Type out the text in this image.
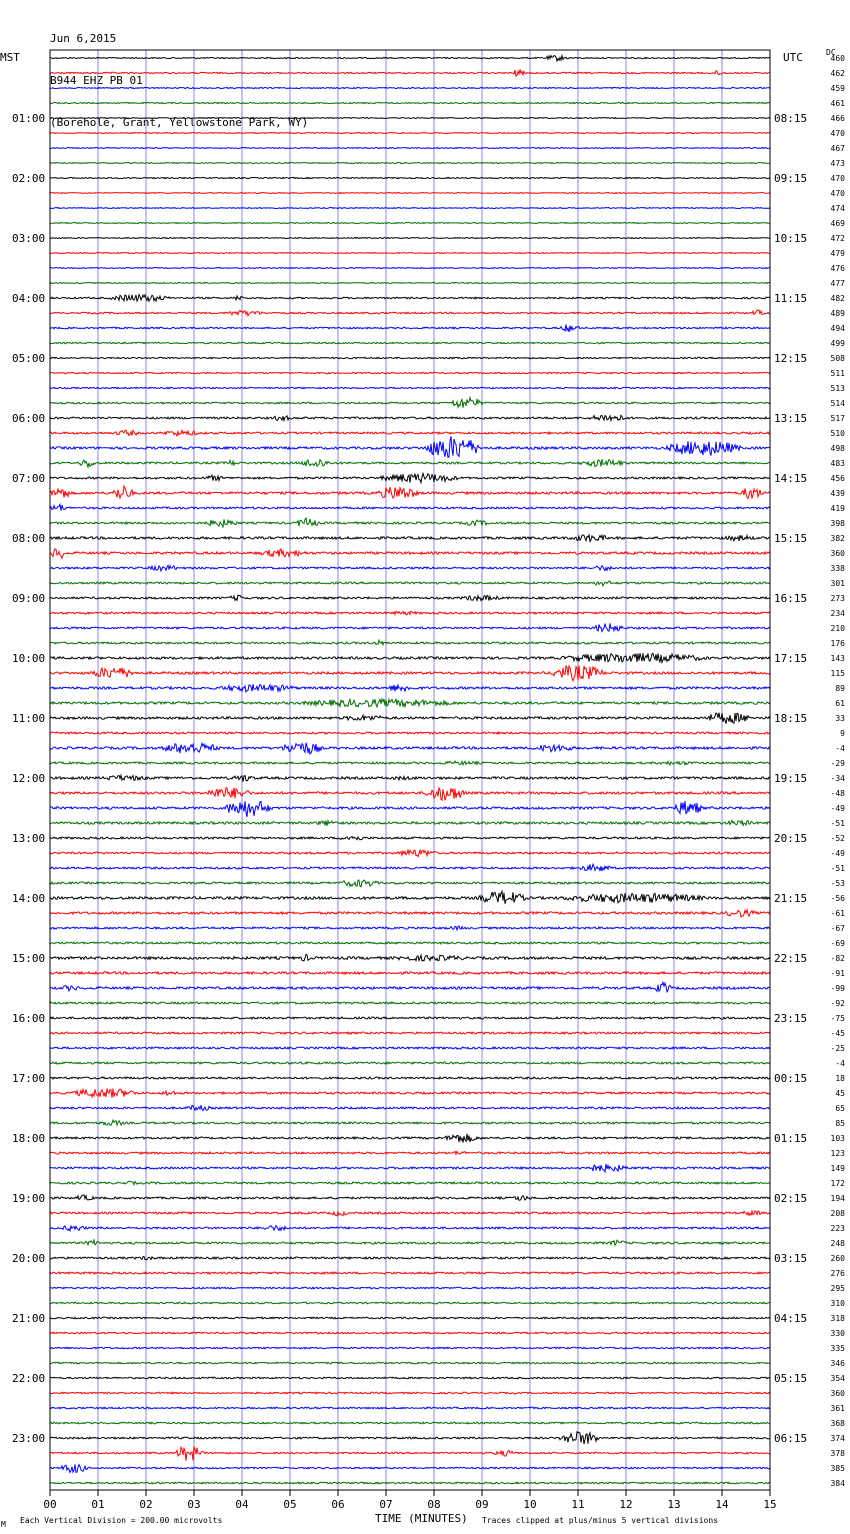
Jun 6,2015

B944 EHZ PB 01

(Borehole, Grant, Yellowstone Park, WY)

01:00
02:00
03:00
04:00
05:00
06:00
07:00
08:00
09:00
10:00
11:00
12:00
13:00
14:00
15:00
16:00
17:00
18:00
19:00
20:00
21:00
22:00
23:00
08:15
09:15
10:15
11:15
12:15
13:15
14:15
15:15
16:15
17:15
18:15
19:15
20:15
21:15
22:15
23:15
00:15
01:15
02:15
03:15
04:15
05:15
06:15
460
462
459
461
466
470
467
473
470
470
474
469
472
479
476
477
482
489
494
499
508
511
513
514
517
510
498
483
456
439
419
398
382
360
338
301
273
234
210
176
143
115
89
61
33
9
-4
-29
-34
-48
-49
-51
-52
-49
-51
-53
-56
-61
-67
-69
-82
-91
-99
-92
-75
-45
-25
-4
18
45
65
85
103
123
149
172
194
208
223
248
260
276
295
310
318
330
335
346
354
360
361
368
374
378
385
384
00	01	02	03	04	05	06	07	08	09	10	11	12	13	14	15
MST	UTC	DC
TIME (MINUTES)
Each Vertical Division = 200.00 microvolts	Traces clipped at plus/minus 5 vertical divisions
M
